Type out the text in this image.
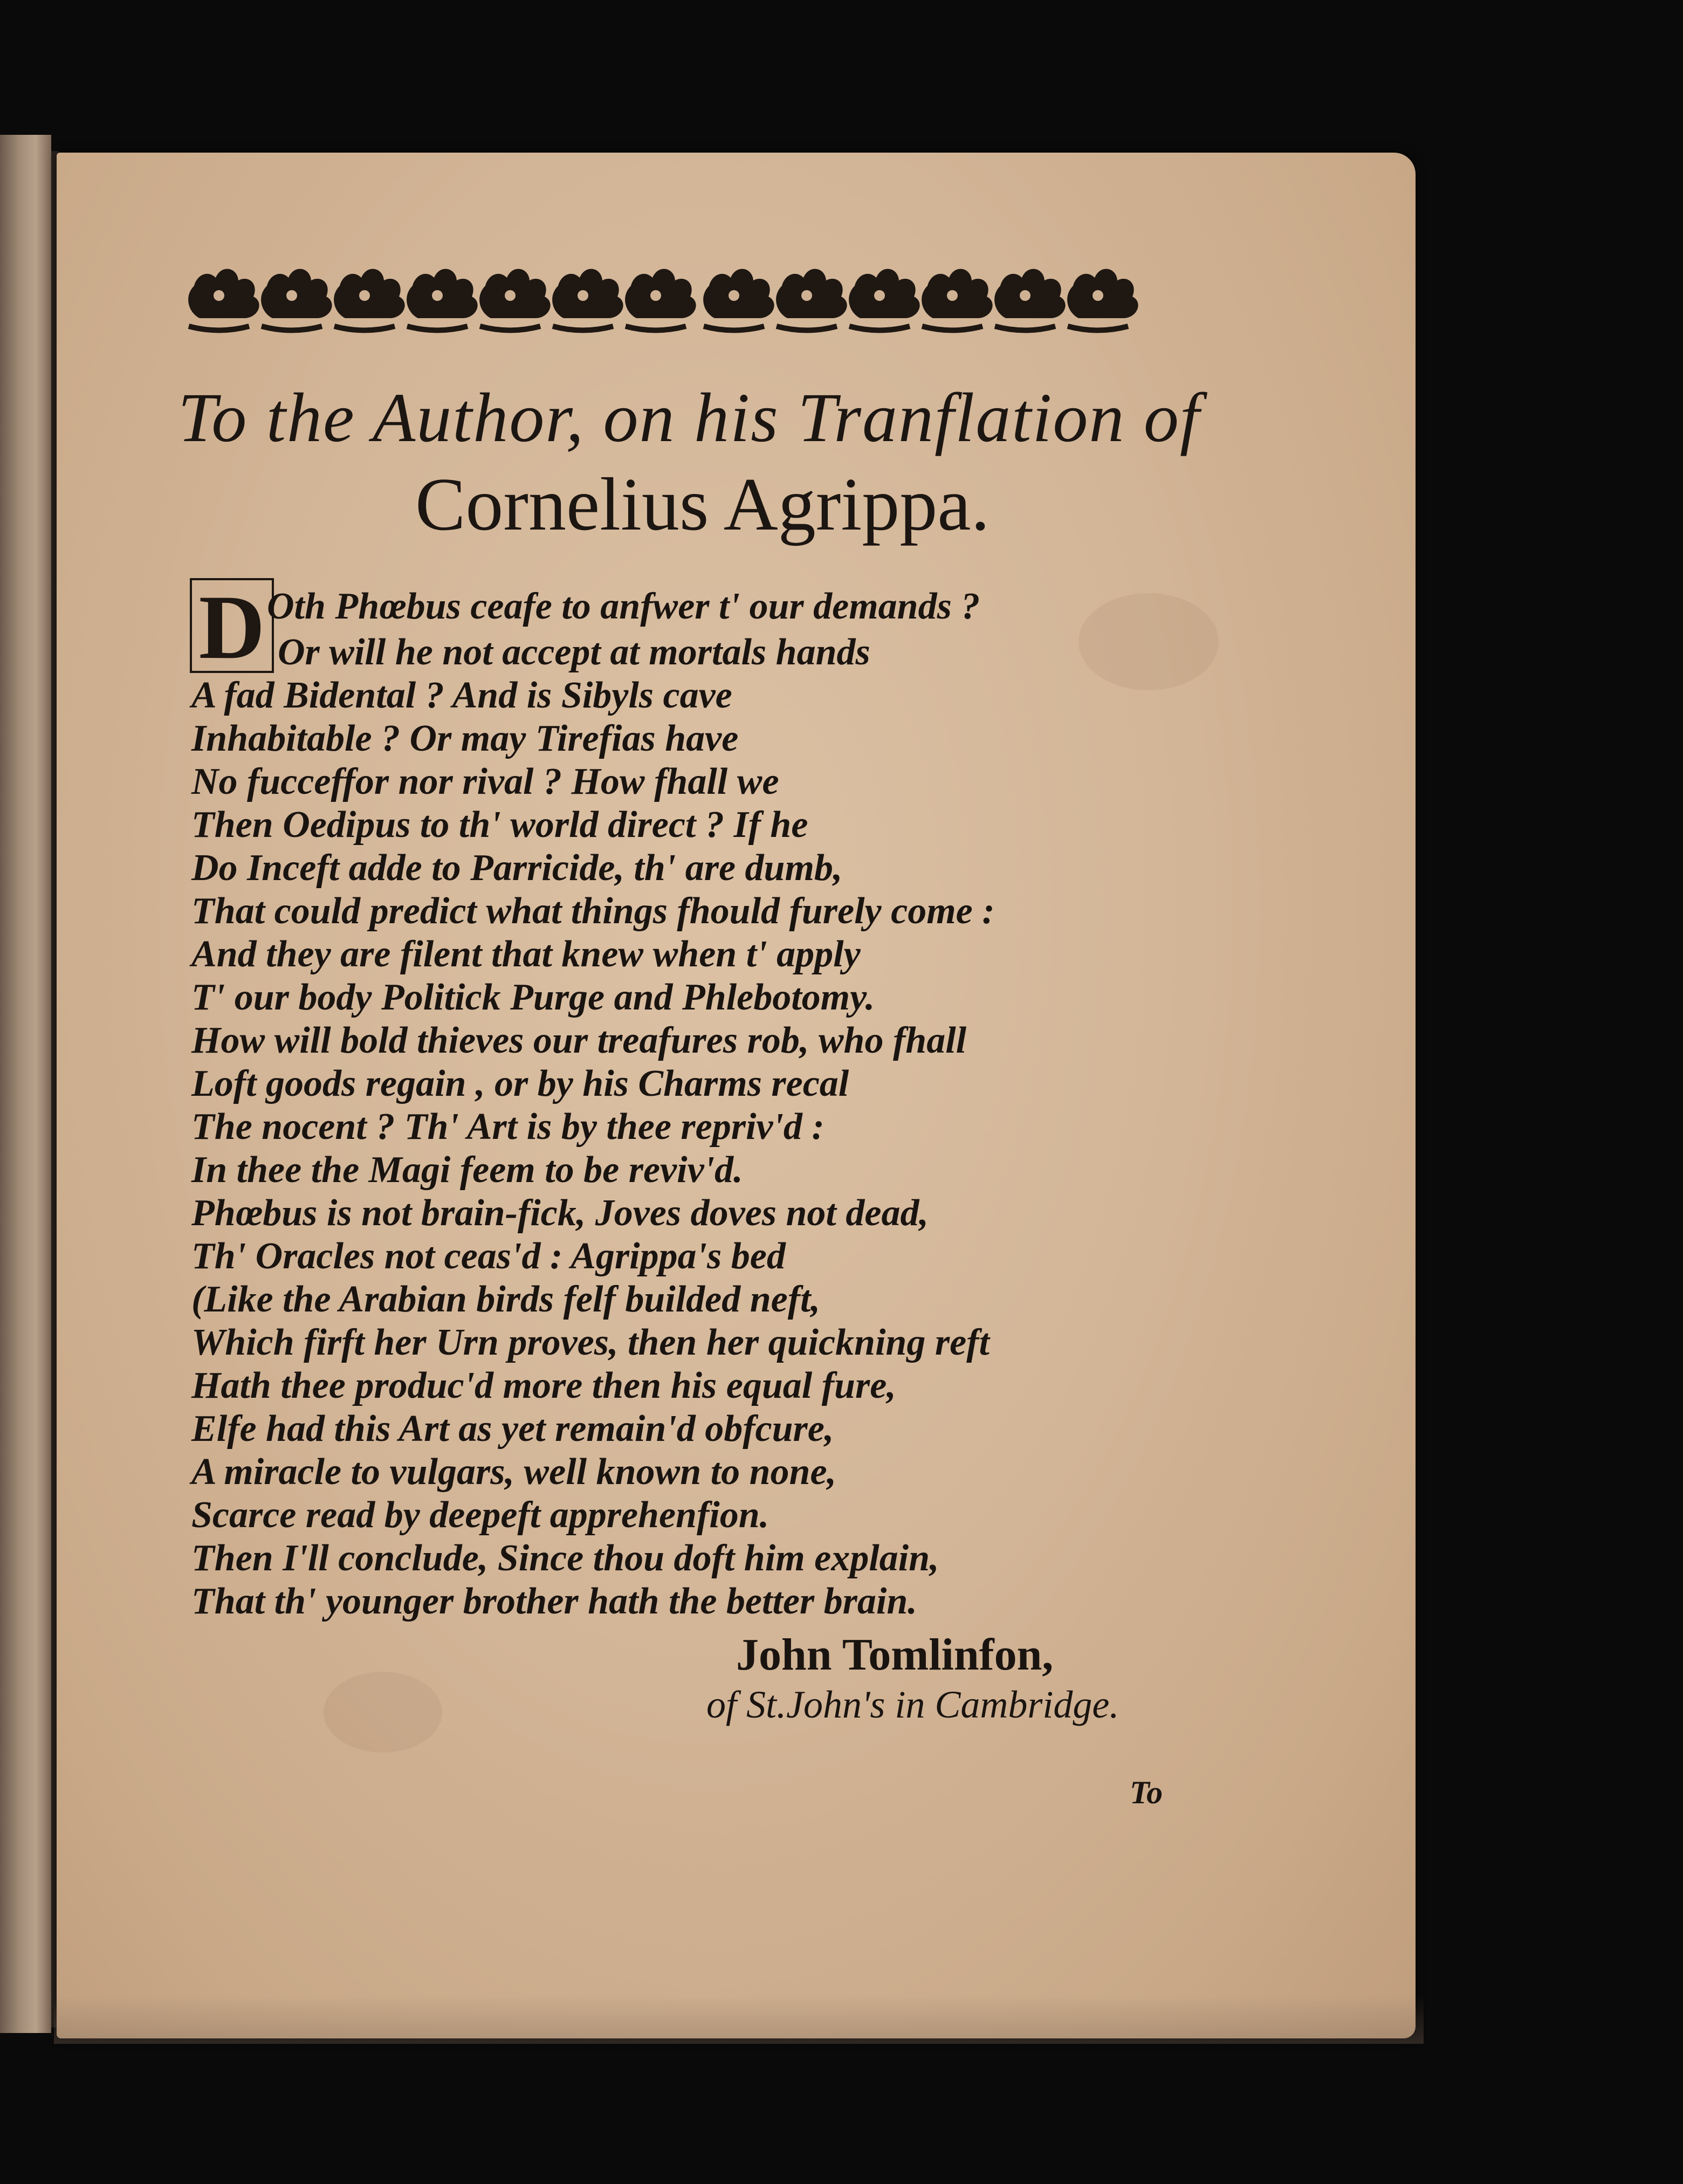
To the Author, on his Tranflation of
Cornelius Agrippa.
D Oth Phœbus ceafe to anfwer t' our demands ?
Or will he not accept at mortals hands
A fad Bidental ? And is Sibyls cave
Inhabitable ? Or may Tirefias have
No fucceffor nor rival ? How fhall we
Then Oedipus to th' world direct ? If he
Do Inceft adde to Parricide, th' are dumb,
That could predict what things fhould furely come :
And they are filent that knew when t' apply
T' our body Politick Purge and Phlebotomy.
How will bold thieves our treafures rob, who fhall
Loft goods regain , or by his Charms recal
The nocent ? Th' Art is by thee repriv'd :
In thee the Magi feem to be reviv'd.
Phœbus is not brain-fick, Joves doves not dead,
Th' Oracles not ceas'd : Agrippa's bed
(Like the Arabian birds felf builded neft,
Which firft her Urn proves, then her quickning reft
Hath thee produc'd more then his equal fure,
Elfe had this Art as yet remain'd obfcure,
A miracle to vulgars, well known to none,
Scarce read by deepeft apprehenfion.
Then I'll conclude, Since thou doft him explain,
That th' younger brother hath the better brain.
John Tomlinfon,
of St.John's in Cambridge.
To
